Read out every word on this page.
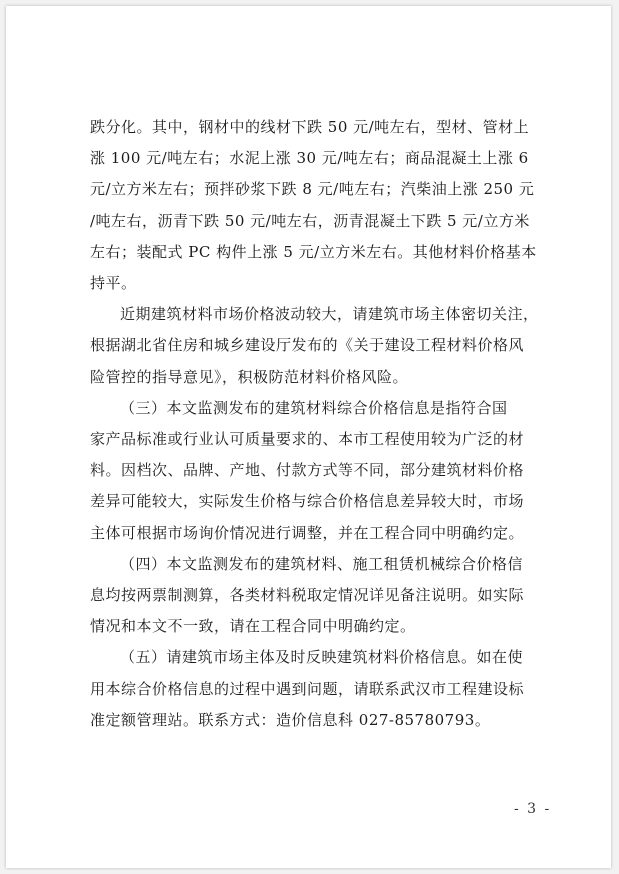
跌分化。其中，钢材中的线材下跌 50 元/吨左右，型材、管材上
涨 100 元/吨左右；水泥上涨 30 元/吨左右；商品混凝土上涨 6
元/立方米左右；预拌砂浆下跌 8 元/吨左右；汽柴油上涨 250 元
/吨左右，沥青下跌 50 元/吨左右，沥青混凝土下跌 5 元/立方米
左右；装配式 PC 构件上涨 5 元/立方米左右。其他材料价格基本
持平。

近期建筑材料市场价格波动较大，请建筑市场主体密切关注，
根据湖北省住房和城乡建设厅发布的《关于建设工程材料价格风
险管控的指导意见》，积极防范材料价格风险。

（三）本文监测发布的建筑材料综合价格信息是指符合国
家产品标准或行业认可质量要求的、本市工程使用较为广泛的材
料。因档次、品牌、产地、付款方式等不同，部分建筑材料价格
差异可能较大，实际发生价格与综合价格信息差异较大时，市场
主体可根据市场询价情况进行调整，并在工程合同中明确约定。

（四）本文监测发布的建筑材料、施工租赁机械综合价格信
息均按两票制测算，各类材料税取定情况详见备注说明。如实际
情况和本文不一致，请在工程合同中明确约定。

（五）请建筑市场主体及时反映建筑材料价格信息。如在使
用本综合价格信息的过程中遇到问题，请联系武汉市工程建设标
准定额管理站。联系方式：造价信息科 027-85780793。

- 3 -
